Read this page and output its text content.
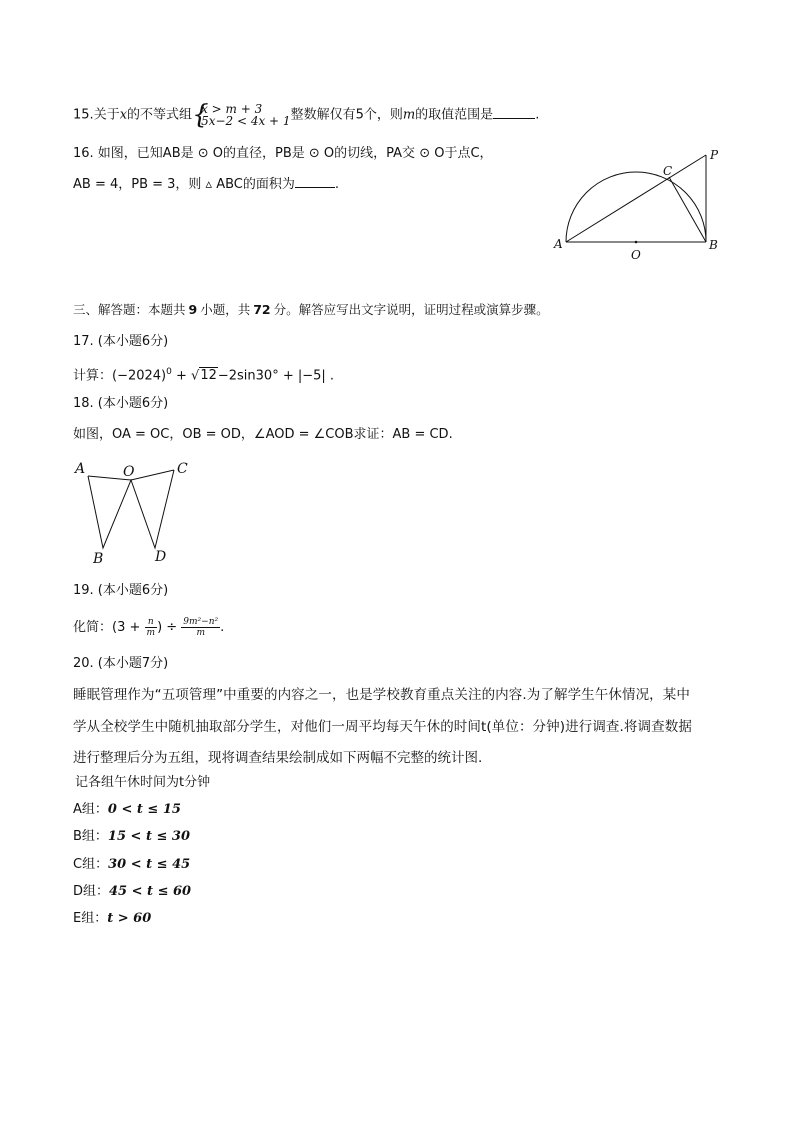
15.关于x的不等式组
{ x > m + 3
5x−2 < 4x + 1 整数解仅有5个，则m的取值范围是	.
16. 如图，已知AB是 ⊙ O的直径，PB是 ⊙ O的切线，PA交 ⊙ O于点C，
AB = 4，PB = 3，则 ▵ ABC的面积为	.
A	B
C
P
O
三、解答题：本题共 9 小题，共 72 分。解答应写出文字说明，证明过程或演算步骤。
17. (本小题6分)
计算：$(-2024)^0 + √12-2\sin 30^\circ + |-5|$ .
18. (本小题6分)
如图，OA = OC，OB = OD，∠AOD = ∠COB求证：AB = CD.
A	O	C
B	D
19. (本小题6分)
化简：($3 + \frac{n}{m}$ ) ÷ $\frac{\text{9m²−n²}}{m}$ .
20. (本小题7分)
睡眠管理作为“五项管理”中重要的内容之一，也是学校教育重点关注的内容.为了解学生午休情况，某中
学从全校学生中随机抽取部分学生，对他们一周平均每天午休的时间t(单位：分钟)进行调查.将调查数据
进行整理后分为五组，现将调查结果绘制成如下两幅不完整的统计图.
记各组午休时间为t分钟
A组：0 < t ≤ 15
B组：15 < t ≤ 30
C组：30 < t ≤ 45
D组：45 < t ≤ 60
E组：t > 60
